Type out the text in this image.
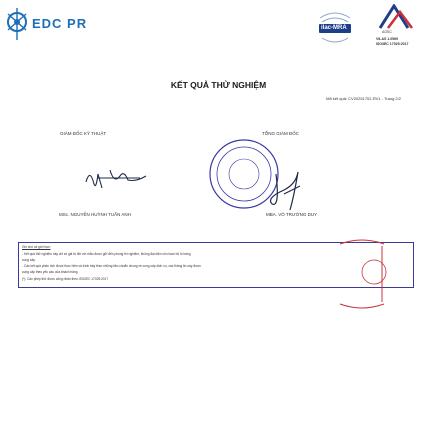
EDC PR	ilac-MRA
AOSC
VILAS 1.0569
ISO/IEC 17025:2017
KẾT QUẢ THỬ NGHIỆM
Mã kết quả: CV20251702-RV1 - Trang 2/2
GIÁM ĐỐC KỸ THUẬT
MSc. NGUYỄN HUỲNH TUẤN ANH
TỔNG GIÁM ĐỐC
MBA. VÕ TRƯỜNG DUY
Ghi chú và giới hạn:
- Kết quả thử nghiệm này chỉ có giá trị đối với mẫu được gửi đến phòng thí nghiệm, không đại diện cho toàn bộ lô hàng
cung cấp.
- Các kết quả phân tích được thực hiện và trình bày theo những tiêu chuẩn chung về cung cấp dịch vụ, các thông tin này được
cung cấp theo yêu cầu của khách hàng
(*): Các phép thử được công nhận theo ISO/IEC 17025:2017
